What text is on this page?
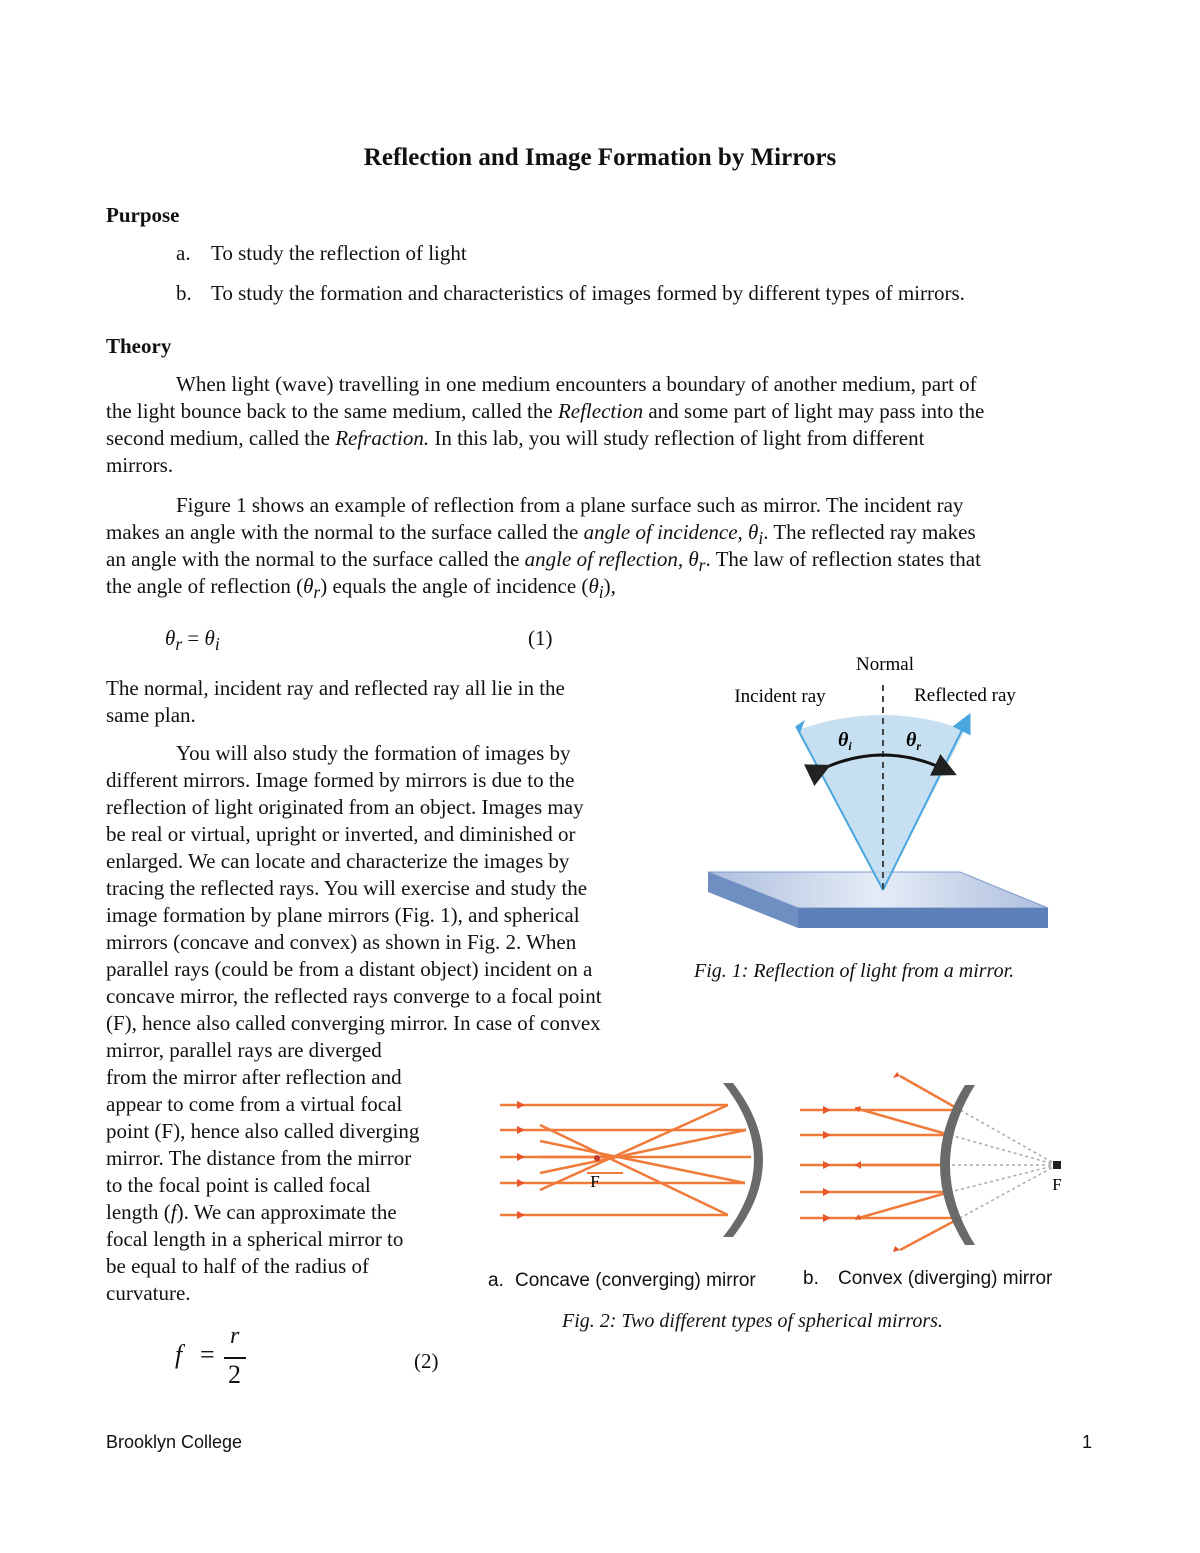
Reflection and Image Formation by Mirrors
Purpose
a. To study the reflection of light
b. To study the formation and characteristics of images formed by different types of mirrors.
Theory
When light (wave) travelling in one medium encounters a boundary of another medium, part of
the light bounce back to the same medium, called the Reflection and some part of light may pass into the
second medium, called the Refraction. In this lab, you will study reflection of light from different
mirrors.
Figure 1 shows an example of reflection from a plane surface such as mirror. The incident ray
makes an angle with the normal to the surface called the angle of incidence, $\theta_i$. The reflected ray makes
an angle with the normal to the surface called the angle of reflection, $\theta_r$. The law of reflection states that
the angle of reflection $(\theta_r)$ equals the angle of incidence $(\theta_i)$,
$\theta_r = \theta_i$	(1)
The normal, incident ray and reflected ray all lie in the
same plan.
You will also study the formation of images by
different mirrors. Image formed by mirrors is due to the
reflection of light originated from an object. Images may
be real or virtual, upright or inverted, and diminished or
enlarged. We can locate and characterize the images by
tracing the reflected rays. You will exercise and study the
image formation by plane mirrors (Fig. 1), and spherical
mirrors (concave and convex) as shown in Fig. 2. When
parallel rays (could be from a distant object) incident on a
concave mirror, the reflected rays converge to a focal point
(F), hence also called converging mirror. In case of convex
mirror, parallel rays are diverged
from the mirror after reflection and
appear to come from a virtual focal
point (F), hence also called diverging
mirror. The distance from the mirror
to the focal point is called focal
length (f). We can approximate the
focal length in a spherical mirror to
be equal to half of the radius of
curvature.
f =
r
2	(2)
Normal
Incident ray	Reflected ray
$\theta_i$	$\theta_r$
Fig. 1: Reflection of light from a mirror.
F	F
a. Concave (converging) mirror b. Convex (diverging) mirror
Fig. 2: Two different types of spherical mirrors.
Brooklyn College	1
